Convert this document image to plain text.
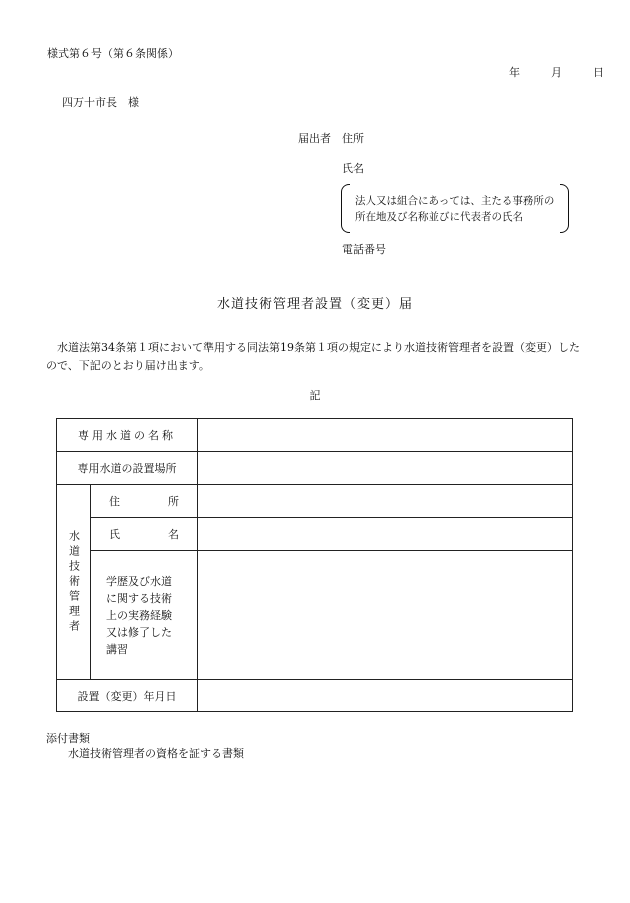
様式第６号（第６条関係）
年	月	日
四万十市長　様
届出者　住所
氏名
法人又は組合にあっては、主たる事務所の
所在地及び名称並びに代表者の氏名
電話番号
水道技術管理者設置（変更）届
水道法第34条第１項において準用する同法第19条第１項の規定により水道技術管理者を設置（変更）したので、下記のとおり届け出ます。
記
専用水道の名称
専用水道の設置場所
水道技術管理者
住	所
氏	名
学歴及び水道に関する技術上の実務経験又は修了した講習
設置（変更）年月日
添付書類
水道技術管理者の資格を証する書類
